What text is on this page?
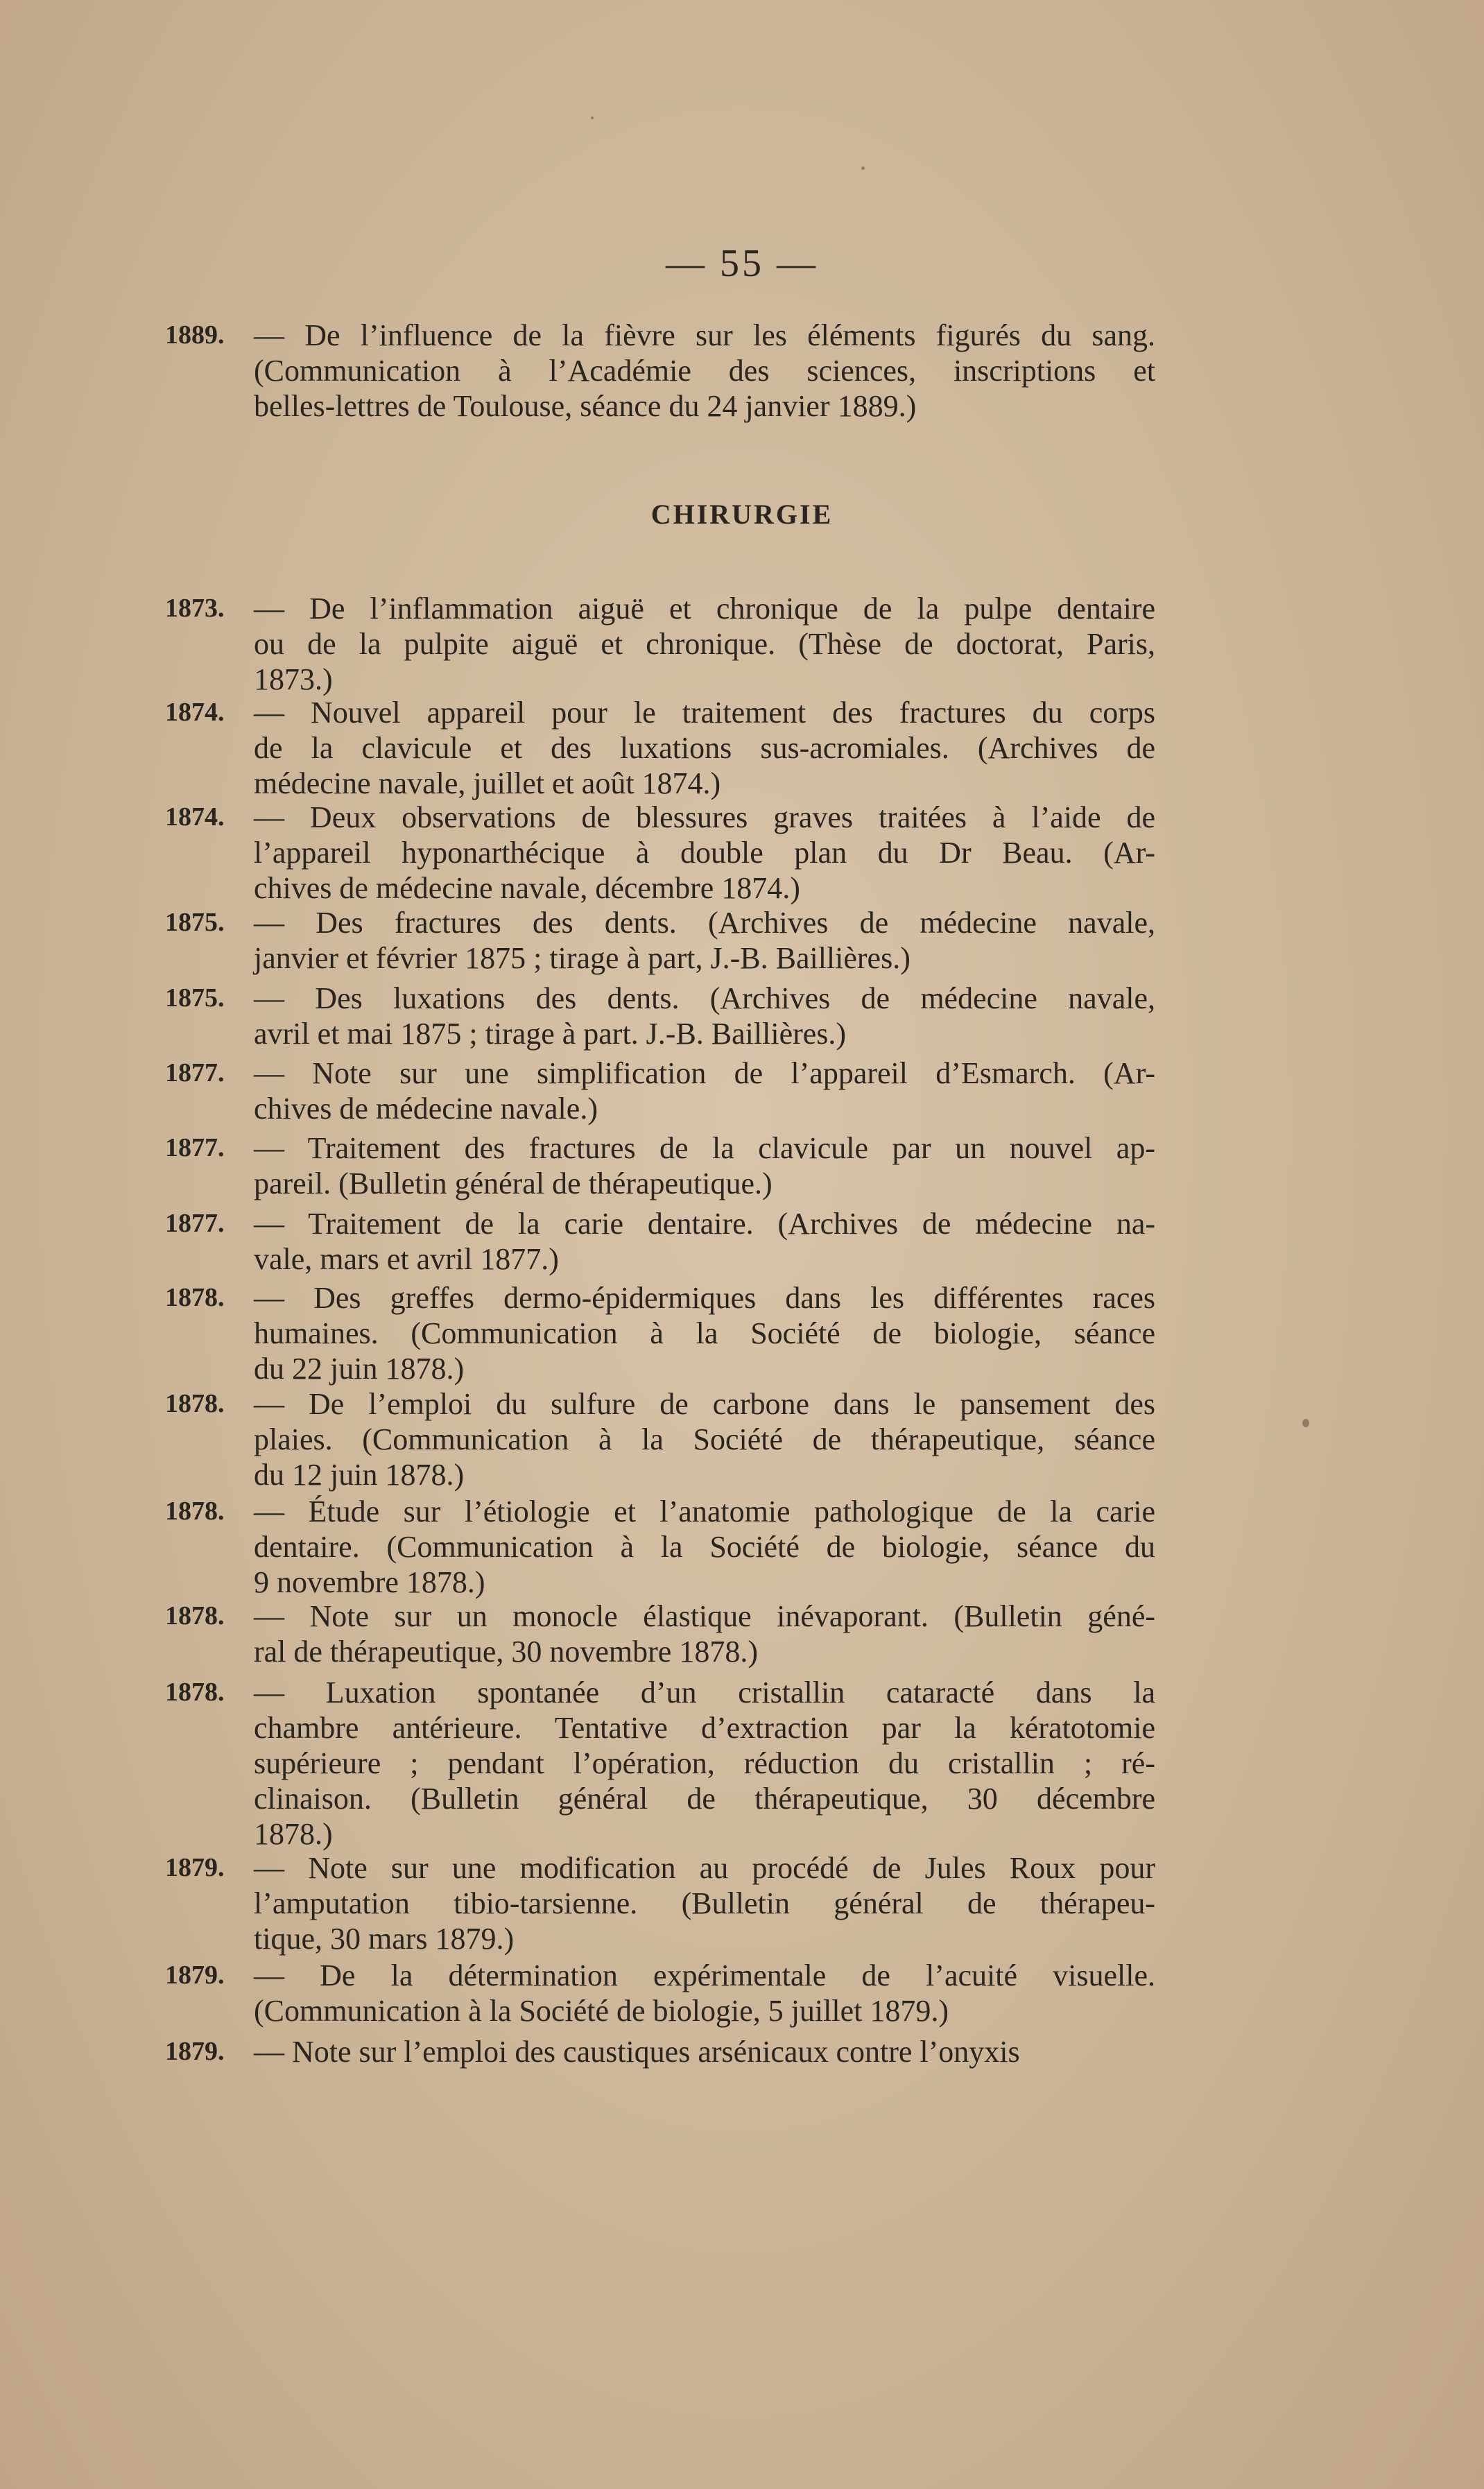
— 55 —
CHIRURGIE
1889. — De l’influence de la fièvre sur les éléments figurés du sang.
(Communication à l’Académie des sciences, inscriptions et
belles-lettres de Toulouse, séance du 24 janvier 1889.)
1873. — De l’inflammation aiguë et chronique de la pulpe dentaire
ou de la pulpite aiguë et chronique. (Thèse de doctorat, Paris,
1873.)
1874. — Nouvel appareil pour le traitement des fractures du corps
de la clavicule et des luxations sus-acromiales. (Archives de
médecine navale, juillet et août 1874.)
1874. — Deux observations de blessures graves traitées à l’aide de
l’appareil hyponarthécique à double plan du Dr Beau. (Ar-
chives de médecine navale, décembre 1874.)
1875. — Des fractures des dents. (Archives de médecine navale,
janvier et février 1875 ; tirage à part, J.-B. Baillières.)
1875. — Des luxations des dents. (Archives de médecine navale,
avril et mai 1875 ; tirage à part. J.-B. Baillières.)
1877. — Note sur une simplification de l’appareil d’Esmarch. (Ar-
chives de médecine navale.)
1877. — Traitement des fractures de la clavicule par un nouvel ap-
pareil. (Bulletin général de thérapeutique.)
1877. — Traitement de la carie dentaire. (Archives de médecine na-
vale, mars et avril 1877.)
1878. — Des greffes dermo-épidermiques dans les différentes races
humaines. (Communication à la Société de biologie, séance
du 22 juin 1878.)
1878. — De l’emploi du sulfure de carbone dans le pansement des
plaies. (Communication à la Société de thérapeutique, séance
du 12 juin 1878.)
1878. — Étude sur l’étiologie et l’anatomie pathologique de la carie
dentaire. (Communication à la Société de biologie, séance du
9 novembre 1878.)
1878. — Note sur un monocle élastique inévaporant. (Bulletin géné-
ral de thérapeutique, 30 novembre 1878.)
1878. — Luxation spontanée d’un cristallin cataracté dans la
chambre antérieure. Tentative d’extraction par la kératotomie
supérieure ; pendant l’opération, réduction du cristallin ; ré-
clinaison. (Bulletin général de thérapeutique, 30 décembre
1878.)
1879. — Note sur une modification au procédé de Jules Roux pour
l’amputation tibio-tarsienne. (Bulletin général de thérapeu-
tique, 30 mars 1879.)
1879. — De la détermination expérimentale de l’acuité visuelle.
(Communication à la Société de biologie, 5 juillet 1879.)
1879. — Note sur l’emploi des caustiques arsénicaux contre l’onyxis
